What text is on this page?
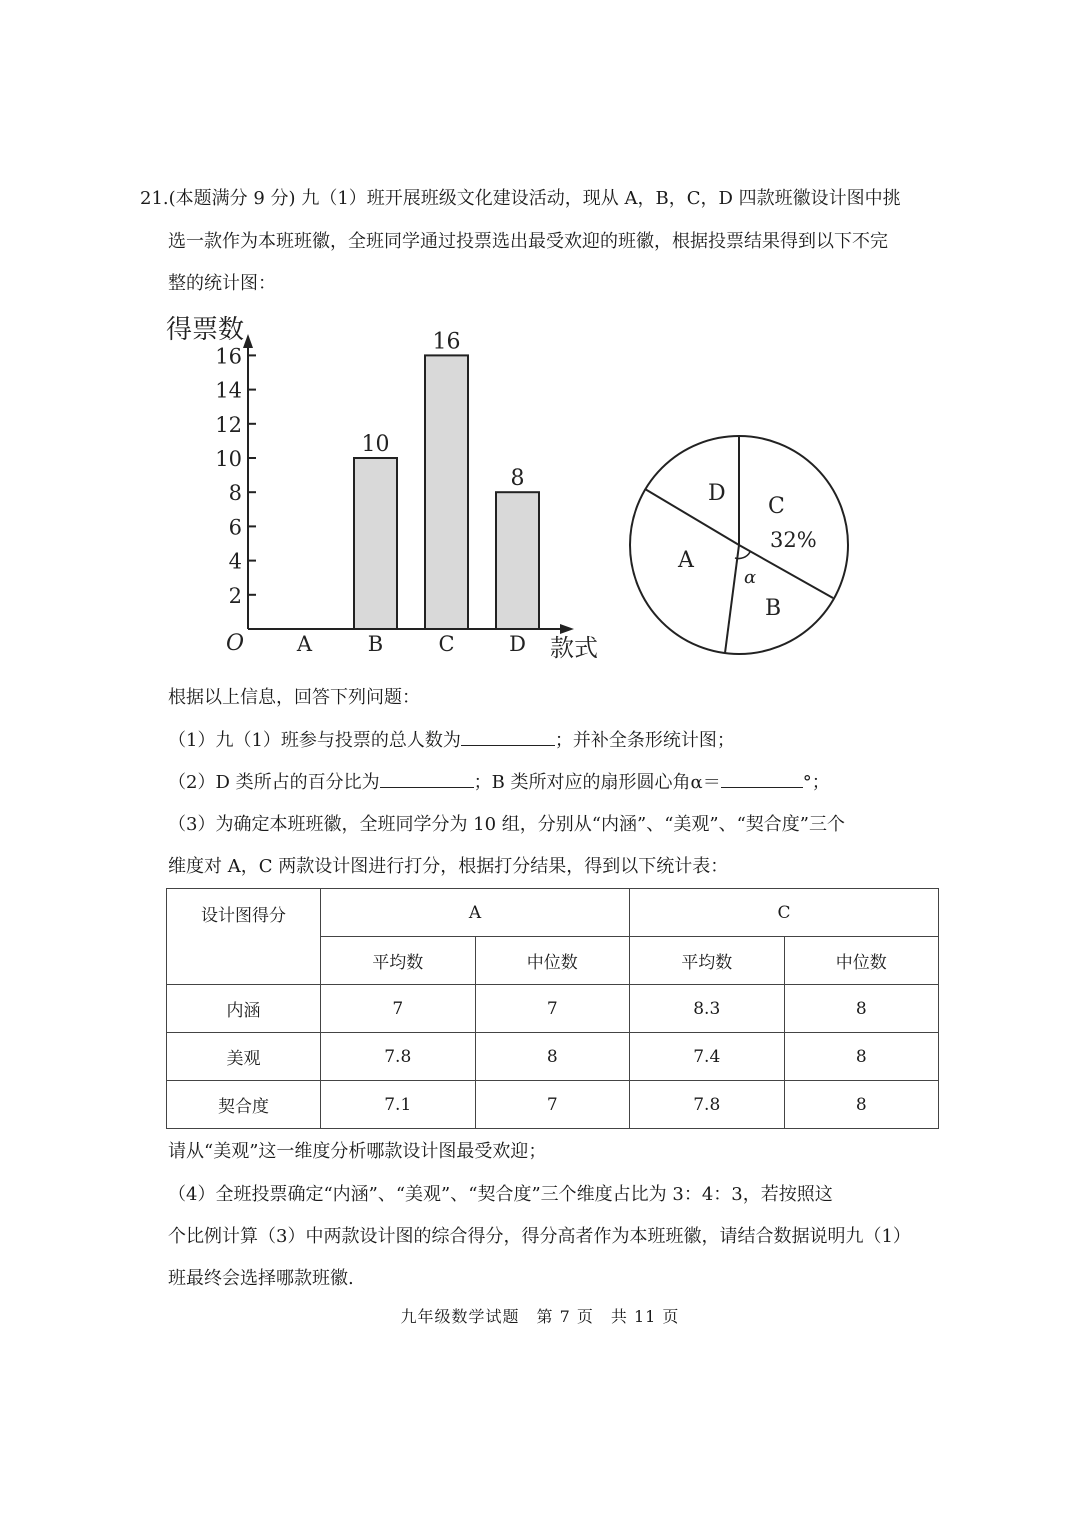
21.(本题满分 9 分) 九（1）班开展班级文化建设活动，现从 A，B，C，D 四款班徽设计图中挑
选一款作为本班班徽，全班同学通过投票选出最受欢迎的班徽，根据投票结果得到以下不完
整的统计图：
2
4
6
8
10
12
14
16
A	B
10
C
16
D
8
得票数
款式
O
C
32%
B
A
D
α
根据以上信息，回答下列问题：
（1）九（1）班参与投票的总人数为	；并补全条形统计图；
（2）D 类所占的百分比为	；B 类所对应的扇形圆心角α＝	°；
（3）为确定本班班徽，全班同学分为 10 组，分别从“内涵”、“美观”、“契合度”三个
维度对 A，C 两款设计图进行打分，根据打分结果，得到以下统计表：
设计图得分	A		C	
	平均数	中位数	平均数	中位数
内涵	7	7	8.3	8
美观	7.8	8	7.4	8
契合度	7.1	7	7.8	8
请从“美观”这一维度分析哪款设计图最受欢迎；
（4）全班投票确定“内涵”、“美观”、“契合度”三个维度占比为 3：4：3，若按照这
个比例计算（3）中两款设计图的综合得分，得分高者作为本班班徽，请结合数据说明九（1）
班最终会选择哪款班徽.
九年级数学试题　第 7 页　共 11 页
